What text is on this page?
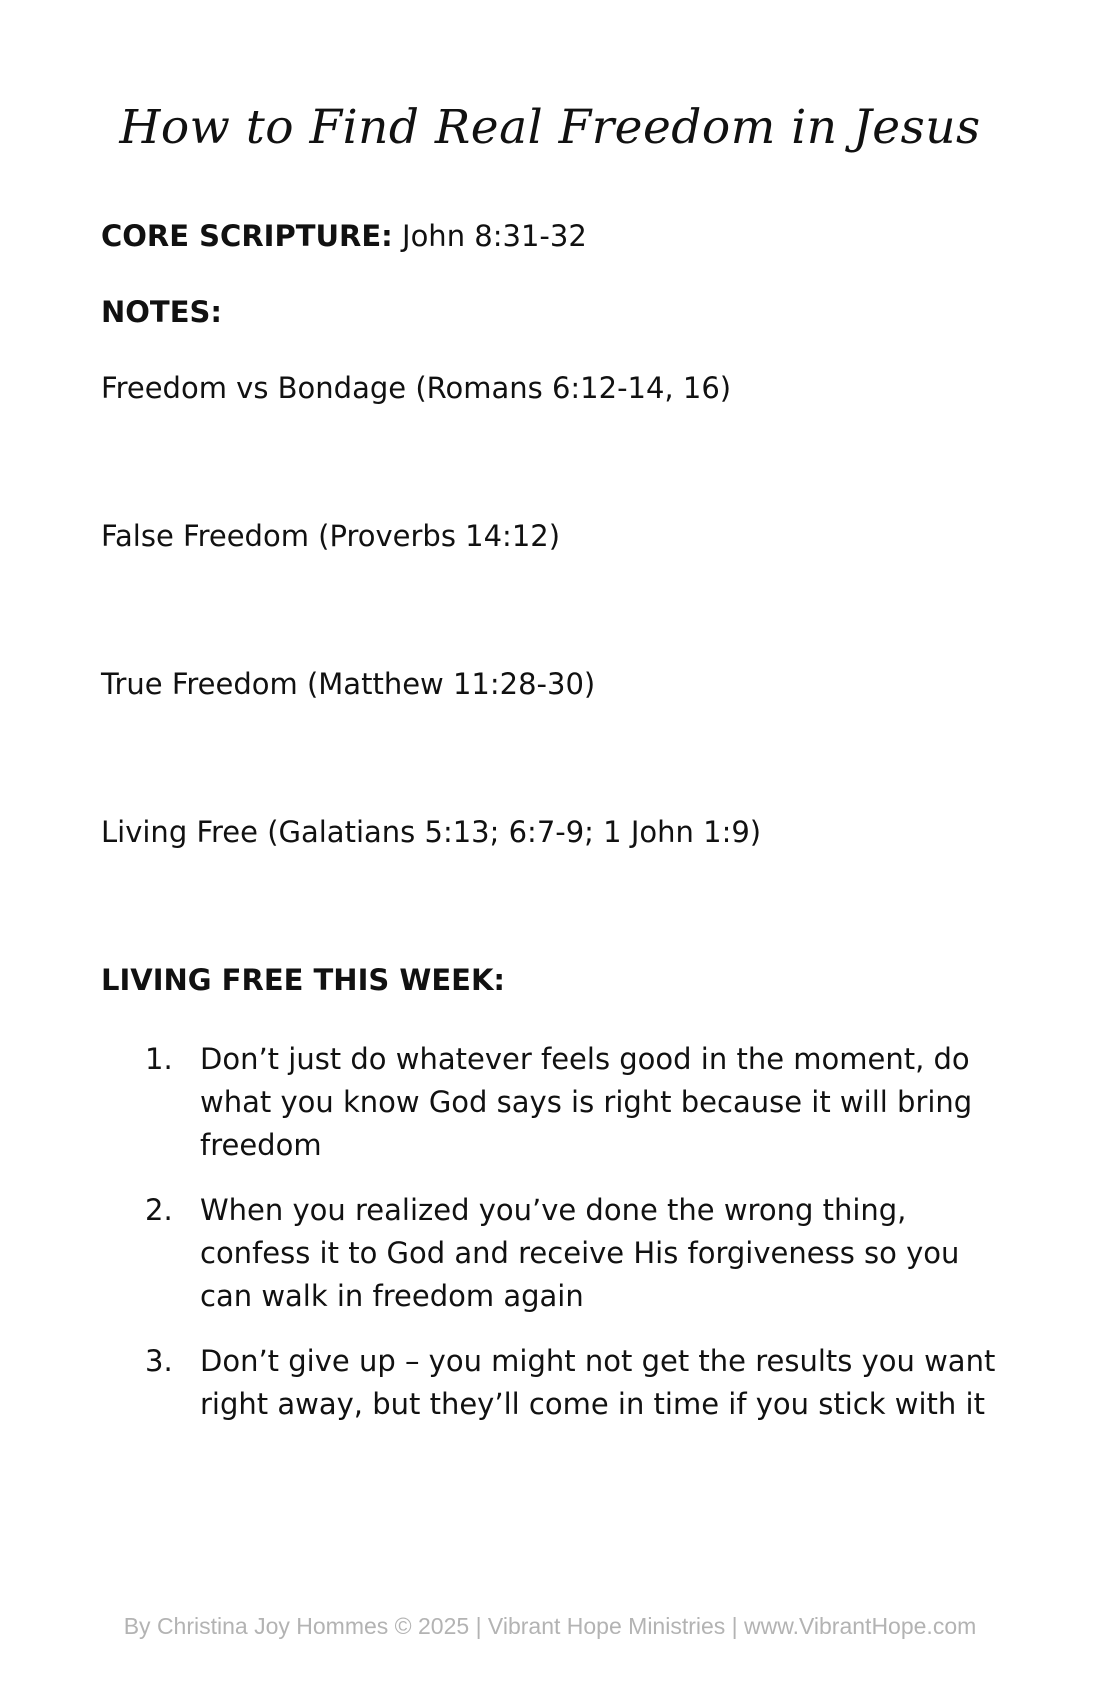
How to Find Real Freedom in Jesus

CORE SCRIPTURE: John 8:31-32

NOTES:

Freedom vs Bondage (Romans 6:12-14, 16)

False Freedom (Proverbs 14:12)

True Freedom (Matthew 11:28-30)

Living Free (Galatians 5:13; 6:7-9; 1 John 1:9)

LIVING FREE THIS WEEK:

1. Don’t just do whatever feels good in the moment, do what you know God says is right because it will bring freedom
2. When you realized you’ve done the wrong thing, confess it to God and receive His forgiveness so you can walk in freedom again
3. Don’t give up – you might not get the results you want right away, but they’ll come in time if you stick with it

By Christina Joy Hommes © 2025 | Vibrant Hope Ministries | www.VibrantHope.com
